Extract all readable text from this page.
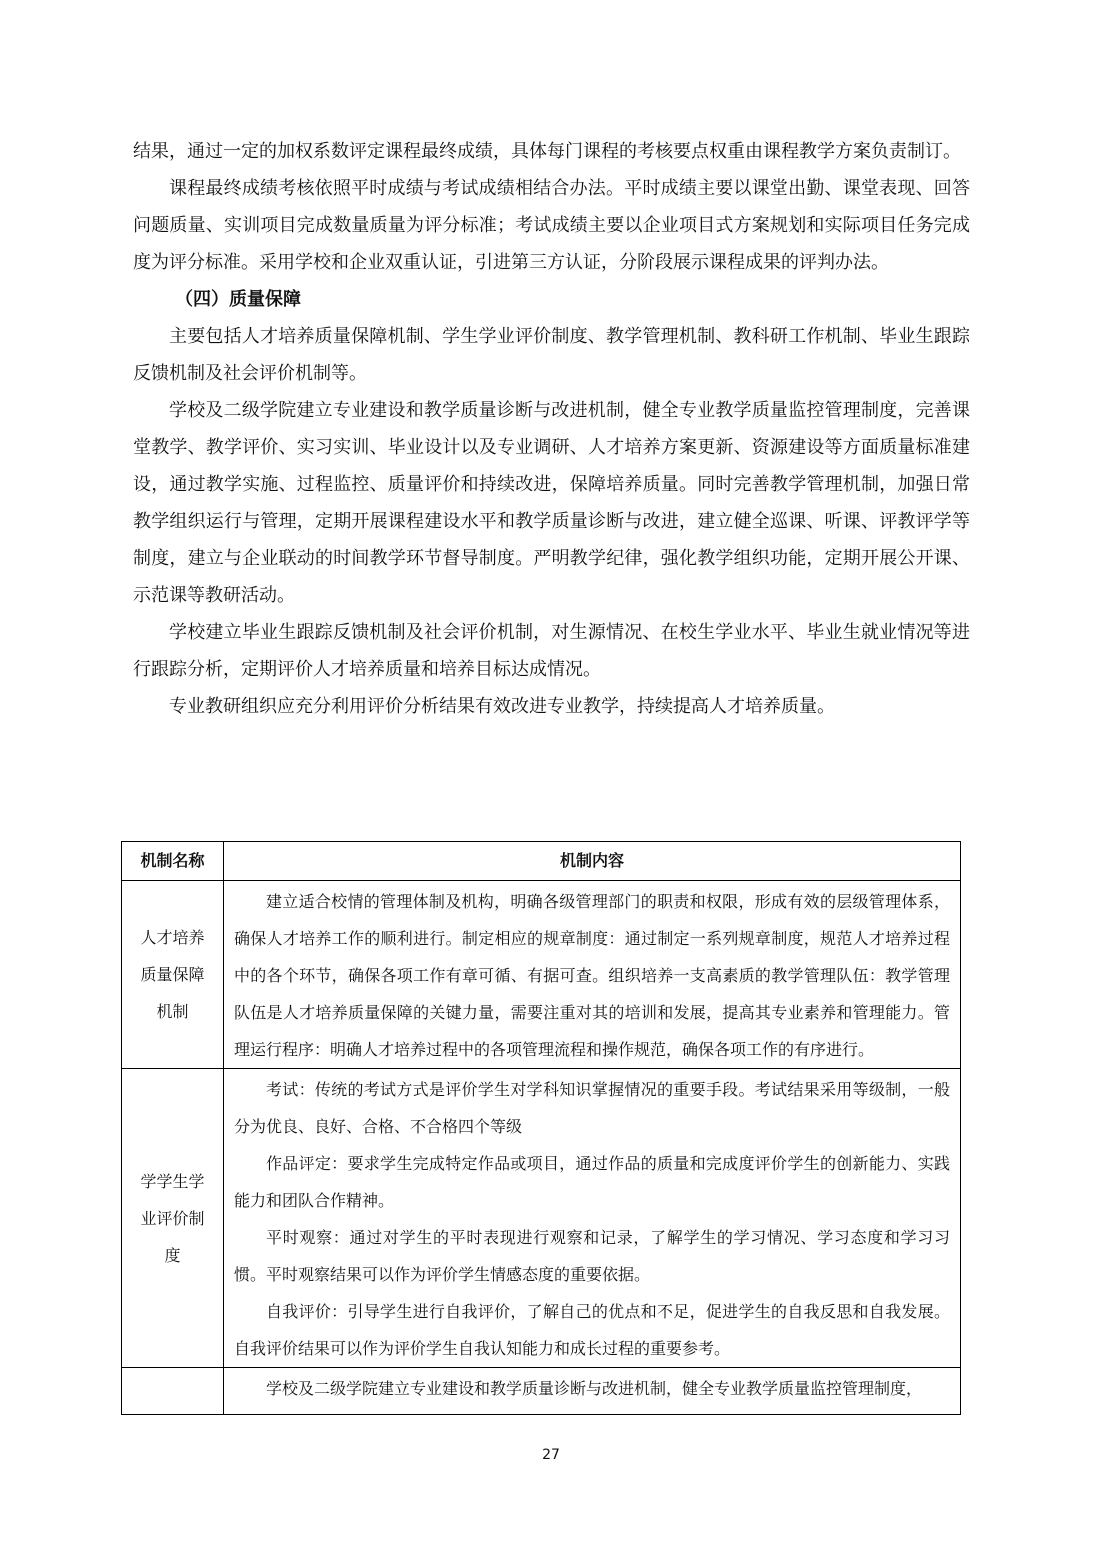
结果，通过一定的加权系数评定课程最终成绩，具体每门课程的考核要点权重由课程教学方案负责制订。

课程最终成绩考核依照平时成绩与考试成绩相结合办法。平时成绩主要以课堂出勤、课堂表现、回答问题质量、实训项目完成数量质量为评分标准；考试成绩主要以企业项目式方案规划和实际项目任务完成度为评分标准。采用学校和企业双重认证，引进第三方认证，分阶段展示课程成果的评判办法。

（四）质量保障

主要包括人才培养质量保障机制、学生学业评价制度、教学管理机制、教科研工作机制、毕业生跟踪反馈机制及社会评价机制等。

学校及二级学院建立专业建设和教学质量诊断与改进机制，健全专业教学质量监控管理制度，完善课堂教学、教学评价、实习实训、毕业设计以及专业调研、人才培养方案更新、资源建设等方面质量标准建设，通过教学实施、过程监控、质量评价和持续改进，保障培养质量。同时完善教学管理机制，加强日常教学组织运行与管理，定期开展课程建设水平和教学质量诊断与改进，建立健全巡课、听课、评教评学等制度，建立与企业联动的时间教学环节督导制度。严明教学纪律，强化教学组织功能，定期开展公开课、示范课等教研活动。

学校建立毕业生跟踪反馈机制及社会评价机制，对生源情况、在校生学业水平、毕业生就业情况等进行跟踪分析，定期评价人才培养质量和培养目标达成情况。

专业教研组织应充分利用评价分析结果有效改进专业教学，持续提高人才培养质量。

机制名称	机制内容
人才培养质量保障机制	建立适合校情的管理体制及机构，明确各级管理部门的职责和权限，形成有效的层级管理体系，确保人才培养工作的顺利进行。制定相应的规章制度：通过制定一系列规章制度，规范人才培养过程中的各个环节，确保各项工作有章可循、有据可查。组织培养一支高素质的教学管理队伍：教学管理队伍是人才培养质量保障的关键力量，需要注重对其的培训和发展，提高其专业素养和管理能力。管理运行程序：明确人才培养过程中的各项管理流程和操作规范，确保各项工作的有序进行。

学学生学业评价制度	考试：传统的考试方式是评价学生对学科知识掌握情况的重要手段。考试结果采用等级制，一般分为优良、良好、合格、不合格四个等级

作品评定：要求学生完成特定作品或项目，通过作品的质量和完成度评价学生的创新能力、实践能力和团队合作精神。

平时观察：通过对学生的平时表现进行观察和记录，了解学生的学习情况、学习态度和学习习惯。平时观察结果可以作为评价学生情感态度的重要依据。

自我评价：引导学生进行自我评价，了解自己的优点和不足，促进学生的自我反思和自我发展。自我评价结果可以作为评价学生自我认知能力和成长过程的重要参考。

	学校及二级学院建立专业建设和教学质量诊断与改进机制，健全专业教学质量监控管理制度，

27
